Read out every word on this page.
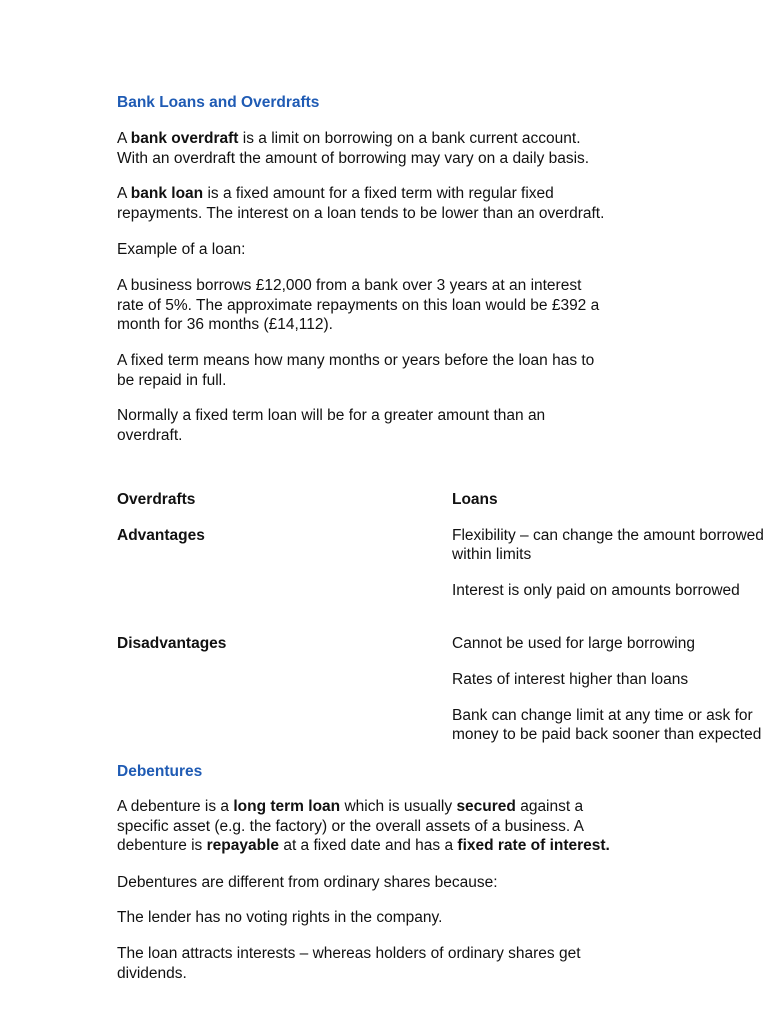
Bank Loans and Overdrafts

A bank overdraft is a limit on borrowing on a bank current account.

With an overdraft the amount of borrowing may vary on a daily basis.

A bank loan is a fixed amount for a fixed term with regular fixed

repayments. The interest on a loan tends to be lower than an overdraft.

Example of a loan:

A business borrows £12,000 from a bank over 3 years at an interest

rate of 5%. The approximate repayments on this loan would be £392 a

month for 36 months (£14,112).

A fixed term means how many months or years before the loan has to

be repaid in full.

Normally a fixed term loan will be for a greater amount than an

overdraft.

Overdrafts	Loans

Advantages	Flexibility – can change the amount borrowed

within limits

Interest is only paid on amounts borrowed

Disadvantages	Cannot be used for large borrowing

Rates of interest higher than loans

Bank can change limit at any time or ask for

money to be paid back sooner than expected

Debentures

A debenture is a long term loan which is usually secured against a

specific asset (e.g. the factory) or the overall assets of a business. A

debenture is repayable at a fixed date and has a fixed rate of interest.

Debentures are different from ordinary shares because:

The lender has no voting rights in the company.

The loan attracts interests – whereas holders of ordinary shares get

dividends.
